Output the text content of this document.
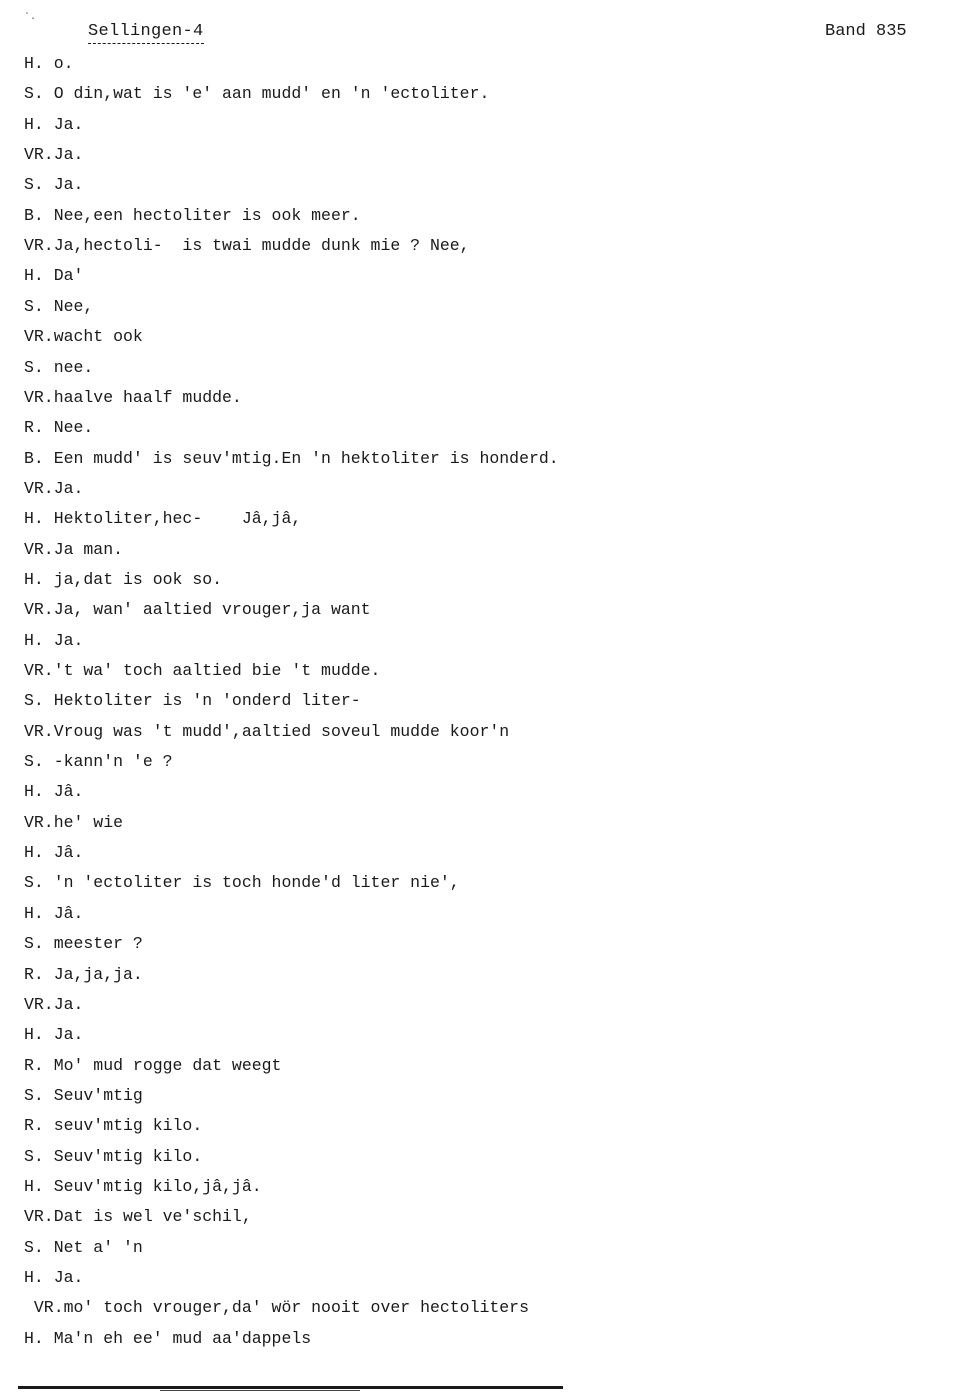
ʻ.
Sellingen-4	Band 835
H. o.
S. O din,wat is 'e' aan mudd' en 'n 'ectoliter.
H. Ja.
VR.Ja.
S. Ja.
B. Nee,een hectoliter is ook meer.
VR.Ja,hectoli-  is twai mudde dunk mie ? Nee,
H. Da'
S. Nee,
VR.wacht ook
S. nee.
VR.haalve haalf mudde.
R. Nee.
B. Een mudd' is seuv'mtig.En 'n hektoliter is honderd.
VR.Ja.
H. Hektoliter,hec-    Jâ,jâ,
VR.Ja man.
H. ja,dat is ook so.
VR.Ja, wan' aaltied vrouger,ja want
H. Ja.
VR.'t wa' toch aaltied bie 't mudde.
S. Hektoliter is 'n 'onderd liter-
VR.Vroug was 't mudd',aaltied soveul mudde koor'n
S. -kann'n 'e ?
H. Jâ.
VR.he' wie
H. Jâ.
S. 'n 'ectoliter is toch honde'd liter nie',
H. Jâ.
S. meester ?
R. Ja,ja,ja.
VR.Ja.
H. Ja.
R. Mo' mud rogge dat weegt
S. Seuv'mtig
R. seuv'mtig kilo.
S. Seuv'mtig kilo.
H. Seuv'mtig kilo,jâ,jâ.
VR.Dat is wel ve'schil,
S. Net a' 'n
H. Ja.
VR.mo' toch vrouger,da' wör nooit over hectoliters
H. Ma'n eh ee' mud aa'dappels
